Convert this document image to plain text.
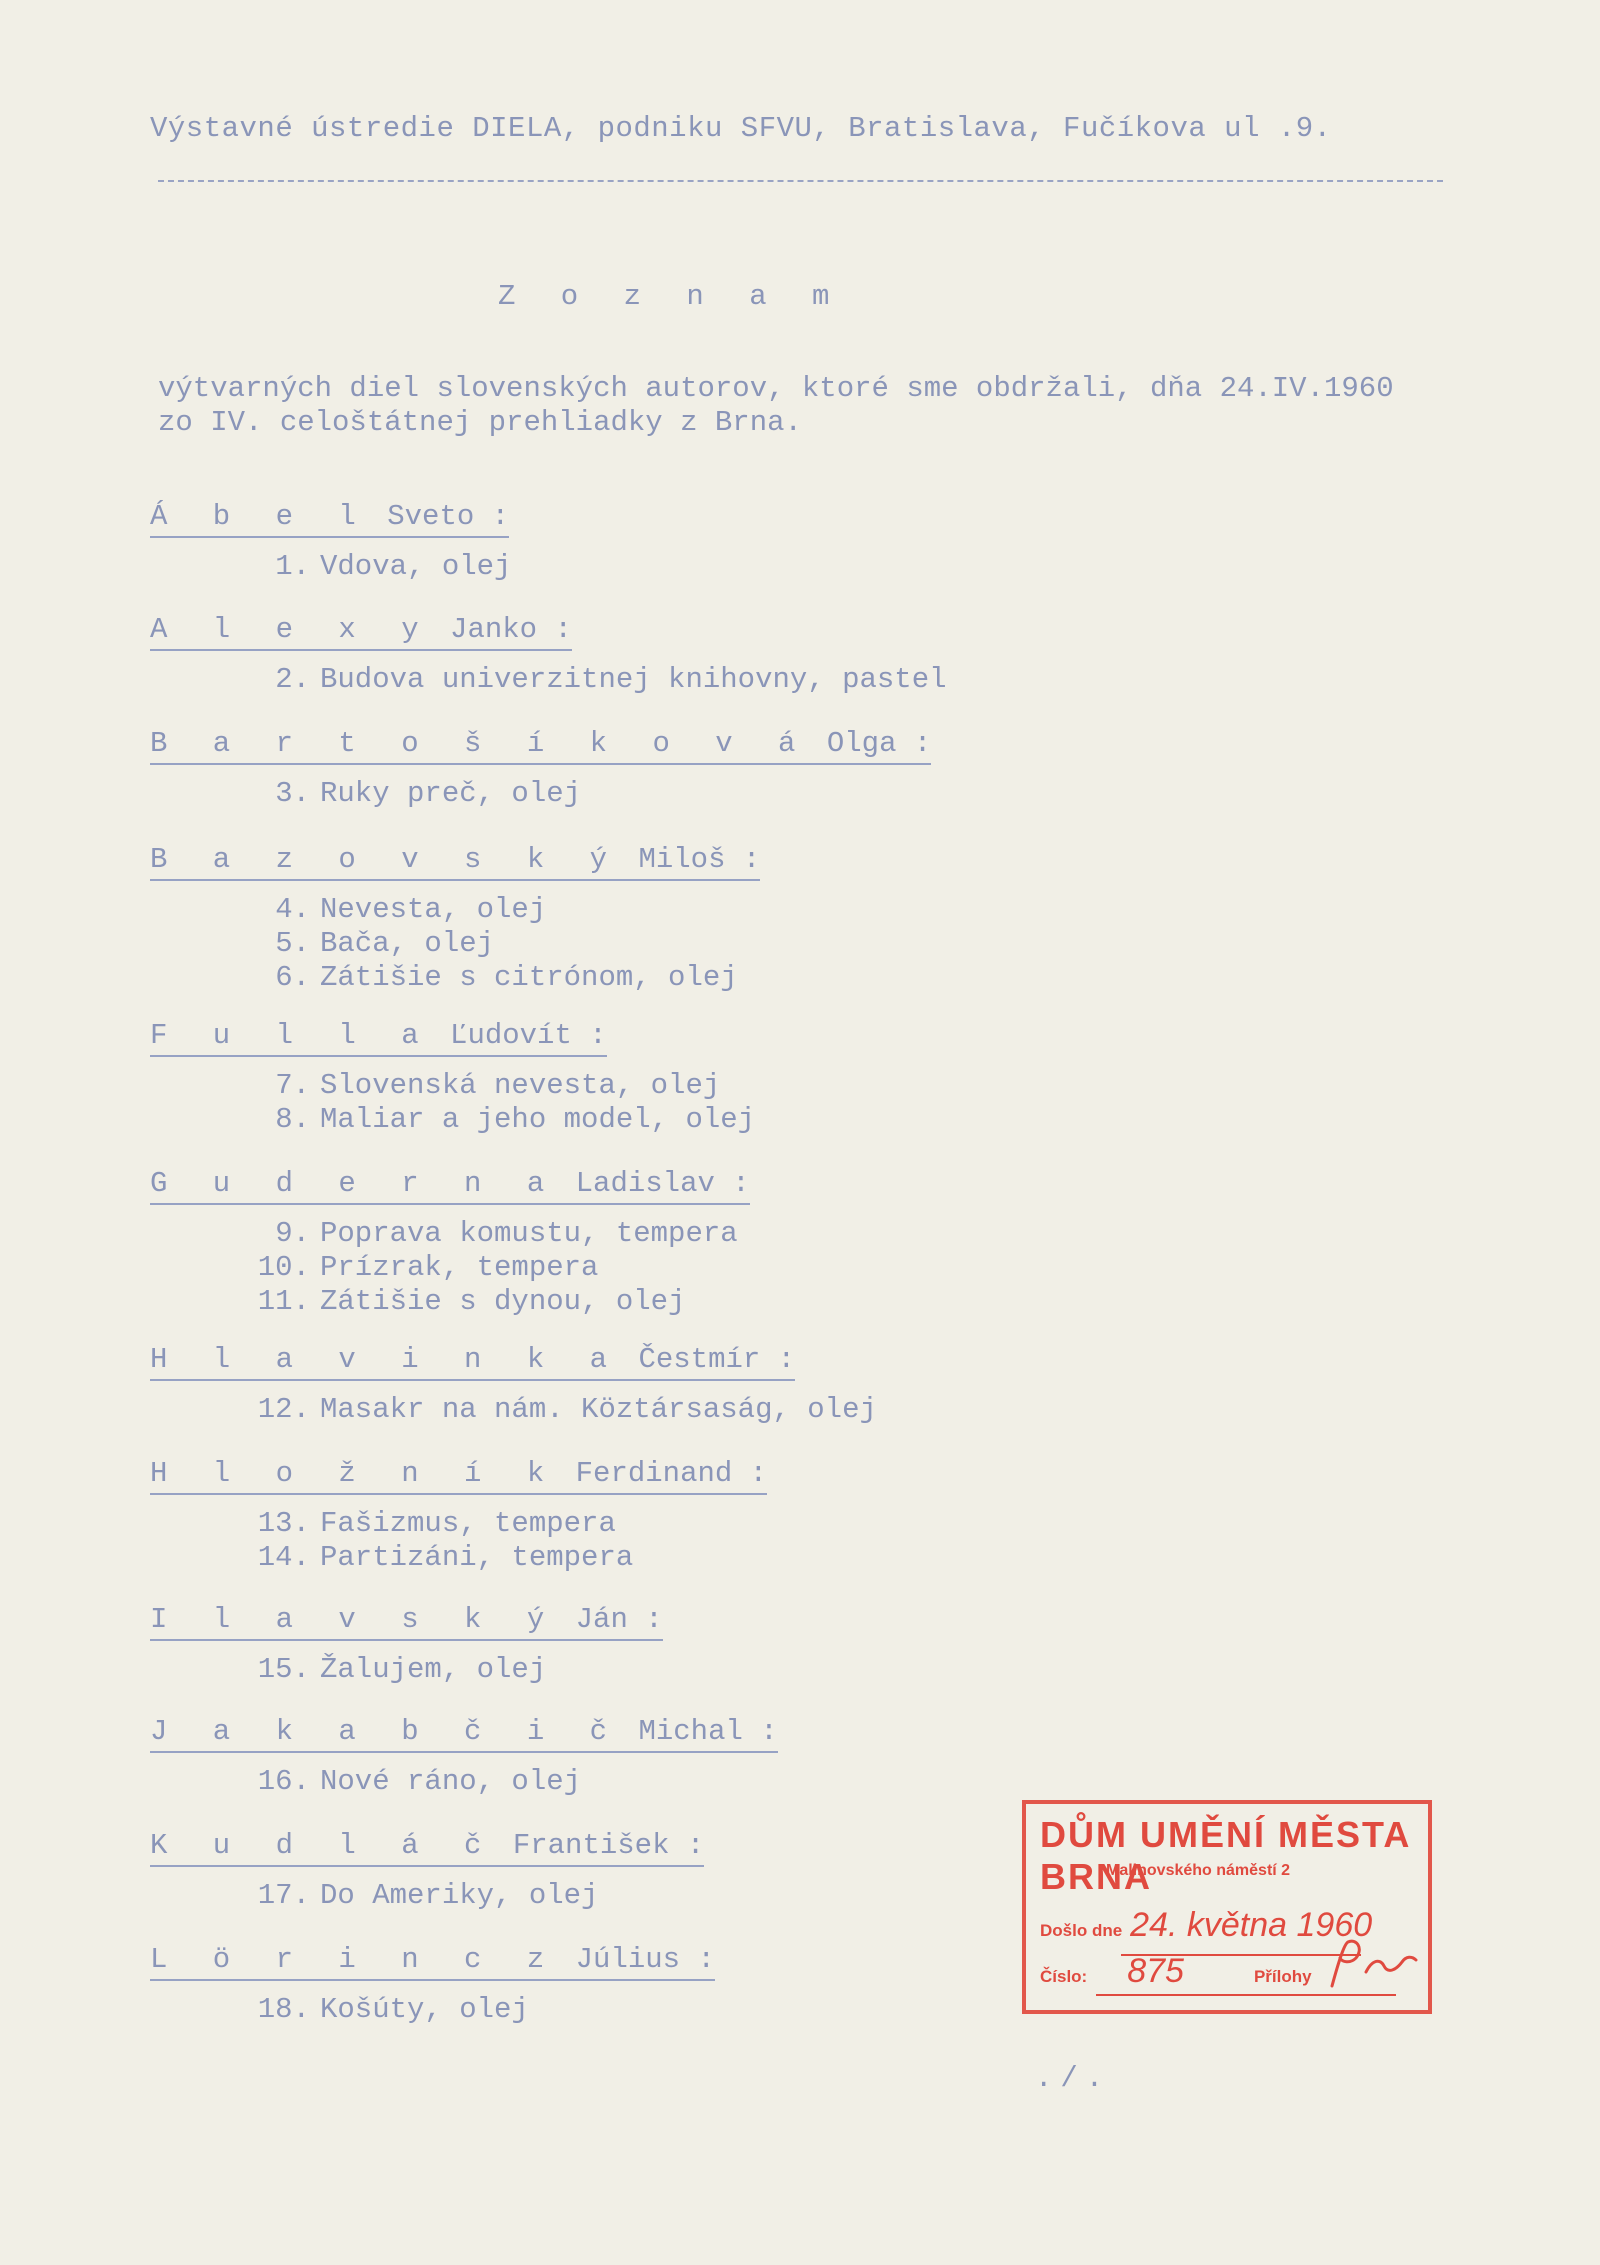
Výstavné ústredie DIELA, podniku SFVU, Bratislava, Fučíkova ul .9.
Z o z n a m
výtvarných diel slovenských autorov, ktoré sme obdržali, dňa 24.IV.1960
zo IV. celoštátnej prehliadky z Brna.
Á b e l Sveto :
1. Vdova, olej
A l e x y Janko :
2. Budova univerzitnej knihovny, pastel
B a r t o š í k o v á Olga :
3. Ruky preč, olej
B a z o v s k ý Miloš :
4. Nevesta, olej
5. Bača, olej
6. Zátišie s citrónom, olej
F u l l a Ľudovít :
7. Slovenská nevesta, olej
8. Maliar a jeho model, olej
G u d e r n a Ladislav :
9. Poprava komustu, tempera
10. Prízrak, tempera
11. Zátišie s dynou, olej
H l a v i n k a Čestmír :
12. Masakr na nám. Köztársaság, olej
H l o ž n í k Ferdinand :
13. Fašizmus, tempera
14. Partizáni, tempera
I l a v s k ý Ján :
15. Žalujem, olej
J a k a b č i č Michal :
16. Nové ráno, olej
K u d l á č František :
17. Do Ameriky, olej
L ö r i n c z Július :
18. Košúty, olej
DŮM UMĚNÍ MĚSTA BRNA
Malinovského náměstí 2
Došlo dne 24. května 1960
Číslo: 875	Přílohy
./.
